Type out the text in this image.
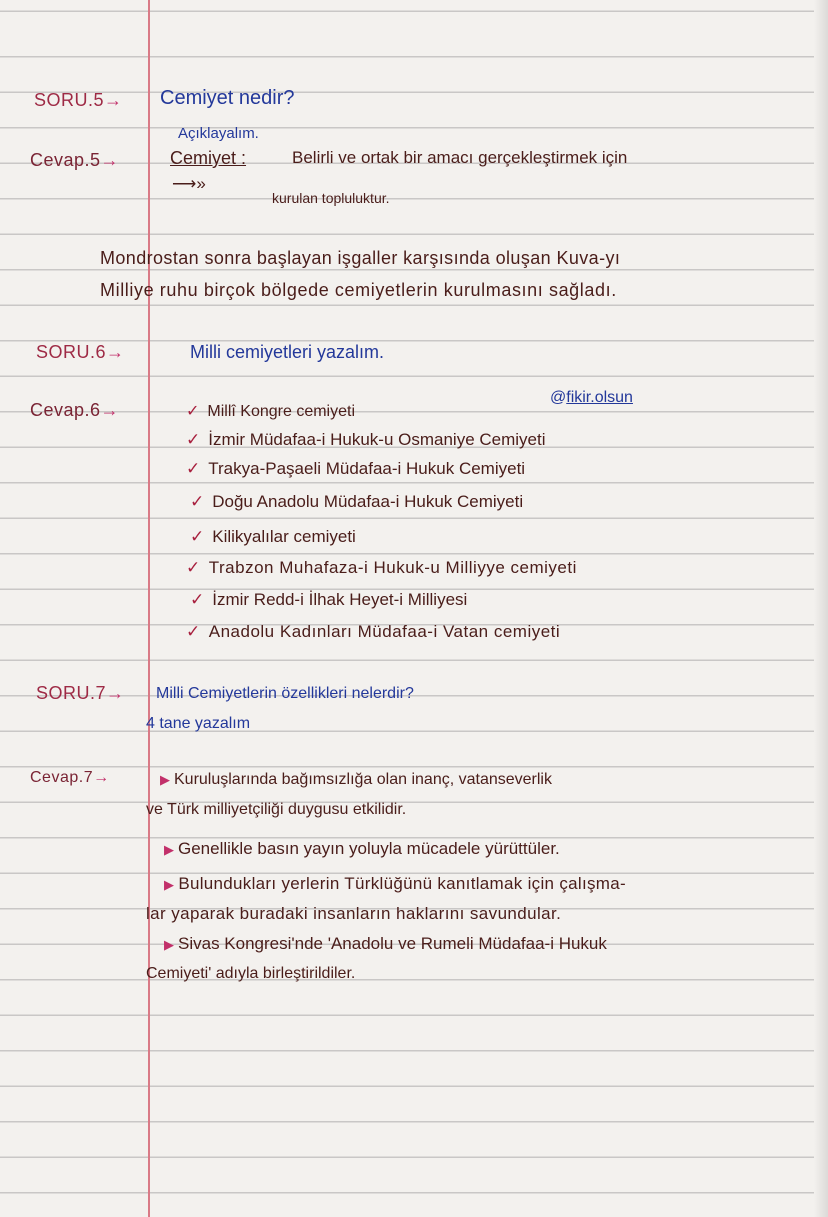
SORU.5→ Cemiyet nedir?
Açıklayalım.
Cevap.5→	Cemiyet :	Belirli ve ortak bir amacı gerçekleştirmek için
⟶»
kurulan topluluktur.
Mondrostan sonra başlayan işgaller karşısında oluşan Kuva-yı
Milliye ruhu birçok bölgede cemiyetlerin kurulmasını sağladı.
SORU.6→	Milli cemiyetleri yazalım.
Cevap.6→
@fikir.olsun
✓ Millî Kongre cemiyeti
✓ İzmir Müdafaa-i Hukuk-u Osmaniye Cemiyeti
✓ Trakya-Paşaeli Müdafaa-i Hukuk Cemiyeti
✓ Doğu Anadolu Müdafaa-i Hukuk Cemiyeti
✓ Kilikyalılar cemiyeti
✓ Trabzon Muhafaza-i Hukuk-u Milliyye cemiyeti
✓ İzmir Redd-i İlhak Heyet-i Milliyesi
✓ Anadolu Kadınları Müdafaa-i Vatan cemiyeti
SORU.7→ Milli Cemiyetlerin özellikleri nelerdir?
4 tane yazalım
Cevap.7→	▶ Kuruluşlarında bağımsızlığa olan inanç, vatanseverlik
ve Türk milliyetçiliği duygusu etkilidir.
▶ Genellikle basın yayın yoluyla mücadele yürüttüler.
▶ Bulundukları yerlerin Türklüğünü kanıtlamak için çalışma-
lar yaparak buradaki insanların haklarını savundular.
▶ Sivas Kongresi'nde 'Anadolu ve Rumeli Müdafaa-i Hukuk
Cemiyeti' adıyla birleştirildiler.
